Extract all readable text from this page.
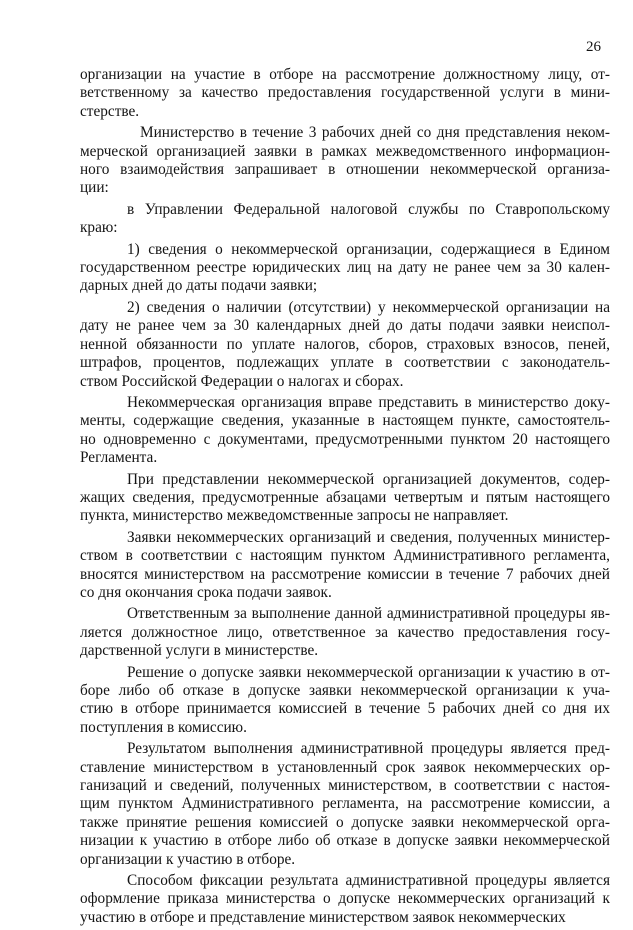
26
организации на участие в отборе на рассмотрение должностному лицу, от-
ветственному за качество предоставления государственной услуги в мини-
стерстве.
Министерство в течение 3 рабочих дней со дня представления неком-
мерческой организацией заявки в рамках межведомственного информацион-
ного взаимодействия запрашивает в отношении некоммерческой организа-
ции:
в Управлении Федеральной налоговой службы по Ставропольскому
краю:
1) сведения о некоммерческой организации, содержащиеся в Едином
государственном реестре юридических лиц на дату не ранее чем за 30 кален-
дарных дней до даты подачи заявки;
2) сведения о наличии (отсутствии) у некоммерческой организации на
дату не ранее чем за 30 календарных дней до даты подачи заявки неиспол-
ненной обязанности по уплате налогов, сборов, страховых взносов, пеней,
штрафов, процентов, подлежащих уплате в соответствии с законодатель-
ством Российской Федерации о налогах и сборах.
Некоммерческая организация вправе представить в министерство доку-
менты, содержащие сведения, указанные в настоящем пункте, самостоятель-
но одновременно с документами, предусмотренными пунктом 20 настоящего
Регламента.
При представлении некоммерческой организацией документов, содер-
жащих сведения, предусмотренные абзацами четвертым и пятым настоящего
пункта, министерство межведомственные запросы не направляет.
Заявки некоммерческих организаций и сведения, полученных министер-
ством в соответствии с настоящим пунктом Административного регламента,
вносятся министерством на рассмотрение комиссии в течение 7 рабочих дней
со дня окончания срока подачи заявок.
Ответственным за выполнение данной административной процедуры яв-
ляется должностное лицо, ответственное за качество предоставления госу-
дарственной услуги в министерстве.
Решение о допуске заявки некоммерческой организации к участию в от-
боре либо об отказе в допуске заявки некоммерческой организации к уча-
стию в отборе принимается комиссией в течение 5 рабочих дней со дня их
поступления в комиссию.
Результатом выполнения административной процедуры является пред-
ставление министерством в установленный срок заявок некоммерческих ор-
ганизаций и сведений, полученных министерством, в соответствии с настоя-
щим пунктом Административного регламента, на рассмотрение комиссии, а
также принятие решения комиссией о допуске заявки некоммерческой орга-
низации к участию в отборе либо об отказе в допуске заявки некоммерческой
организации к участию в отборе.
Способом фиксации результата административной процедуры является
оформление приказа министерства о допуске некоммерческих организаций к
участию в отборе и представление министерством заявок некоммерческих
